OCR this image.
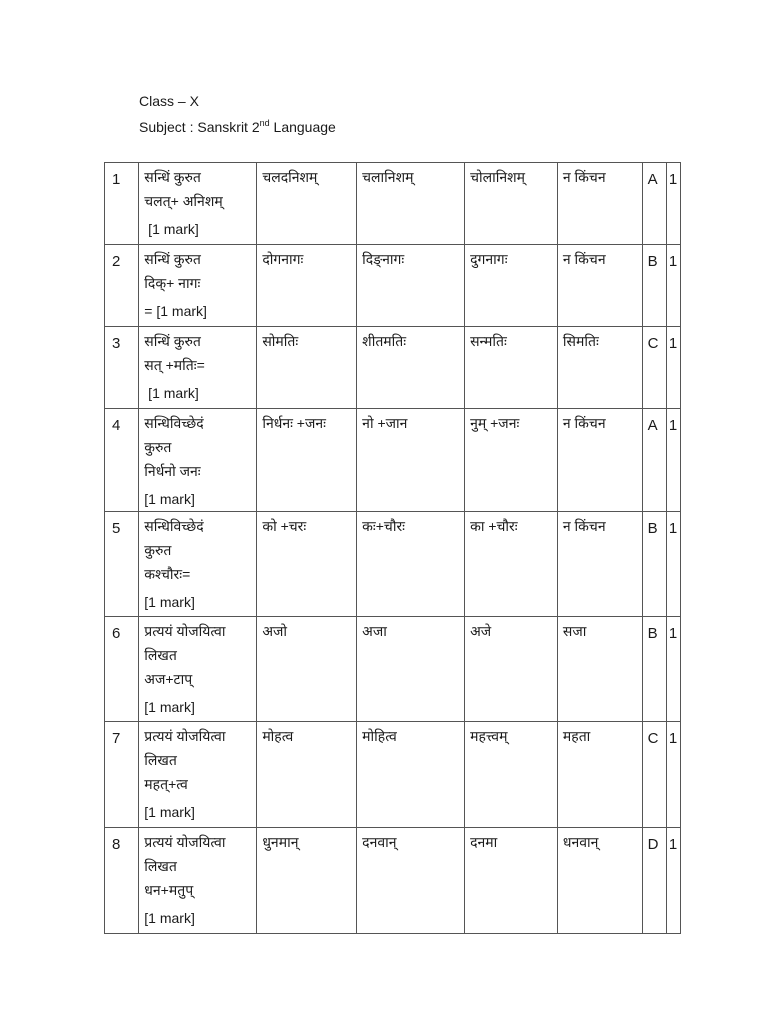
Class – X
Subject : Sanskrit 2nd Language
1	सन्धिं कुरुत
चलत्+ अनिशम्
[1 mark]	चलदनिशम्	चलानिशम्	चोलानिशम्	न किंचन	A	1

2	सन्धिं कुरुत
दिक्+ नागः
= [1 mark]	दोगनागः	दिङ्नागः	दुगनागः	न किंचन	B	1

3	सन्धिं कुरुत
सत् +मतिः=
[1 mark]	सोमतिः	शीतमतिः	सन्मतिः	सिमतिः	C	1

4	सन्धिविच्छेदं
कुरुत
निर्धनो जनः
[1 mark]	निर्धनः +जनः	नो +जान	नुम् +जनः	न किंचन	A	1

5	सन्धिविच्छेदं
कुरुत
कश्चौरः=
[1 mark]	को +चरः	कः+चौरः	का +चौरः	न किंचन	B	1

6	प्रत्ययं योजयित्वा
लिखत
अज+टाप्
[1 mark]	अजो	अजा	अजे	सजा	B	1

7	प्रत्ययं योजयित्वा
लिखत
महत्+त्व
[1 mark]	मोहत्व	मोहित्व	महत्त्वम्	महता	C	1

8	प्रत्ययं योजयित्वा
लिखत
धन+मतुप्
[1 mark]	धुनमान्	दनवान्	दनमा	धनवान्	D	1
